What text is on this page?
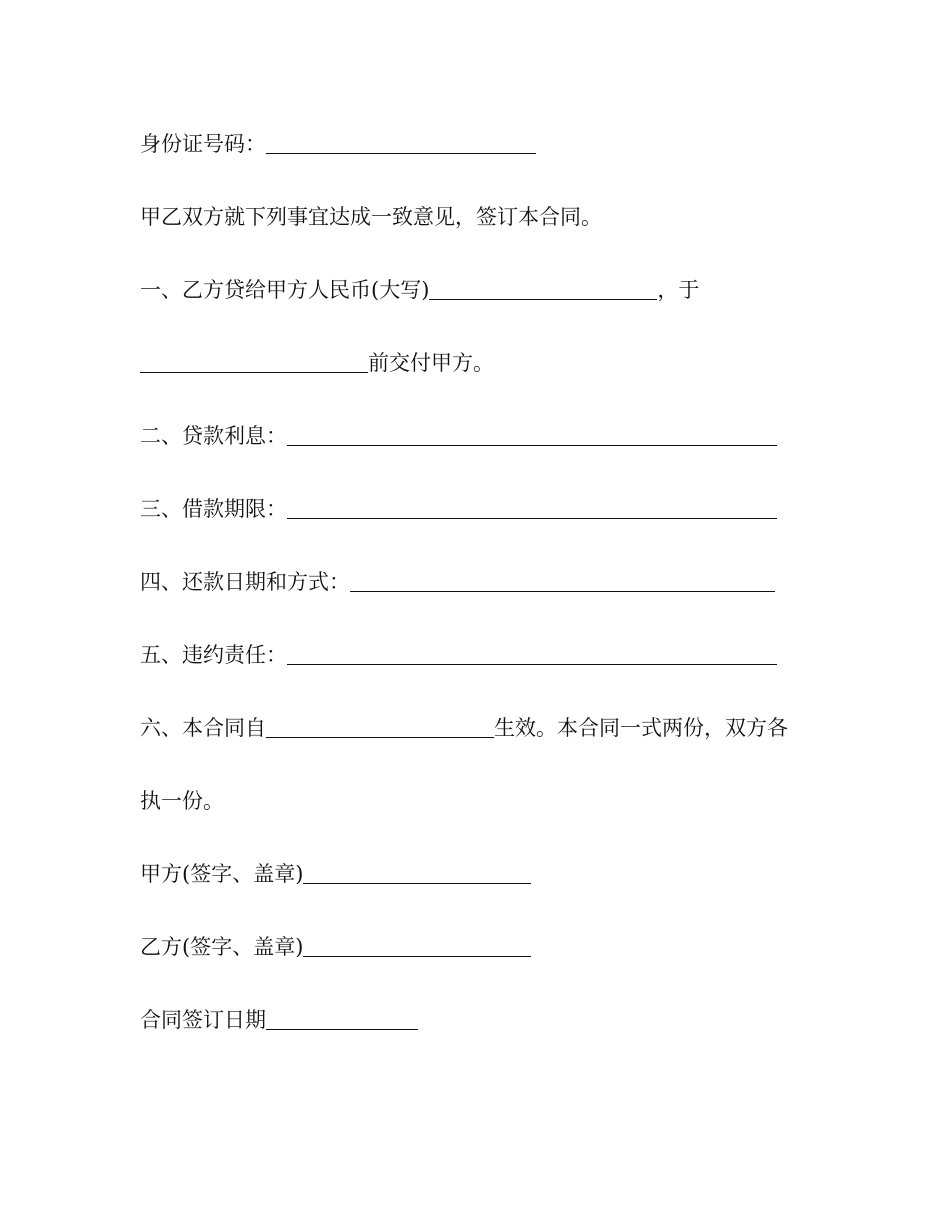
身份证号码：
甲乙双方就下列事宜达成一致意见，签订本合同。
一、乙方贷给甲方人民币(大写)	，于
前交付甲方。
二、贷款利息：
三、借款期限：
四、还款日期和方式：
五、违约责任：
六、本合同自	生效。本合同一式两份，双方各
执一份。
甲方(签字、盖章)
乙方(签字、盖章)
合同签订日期
